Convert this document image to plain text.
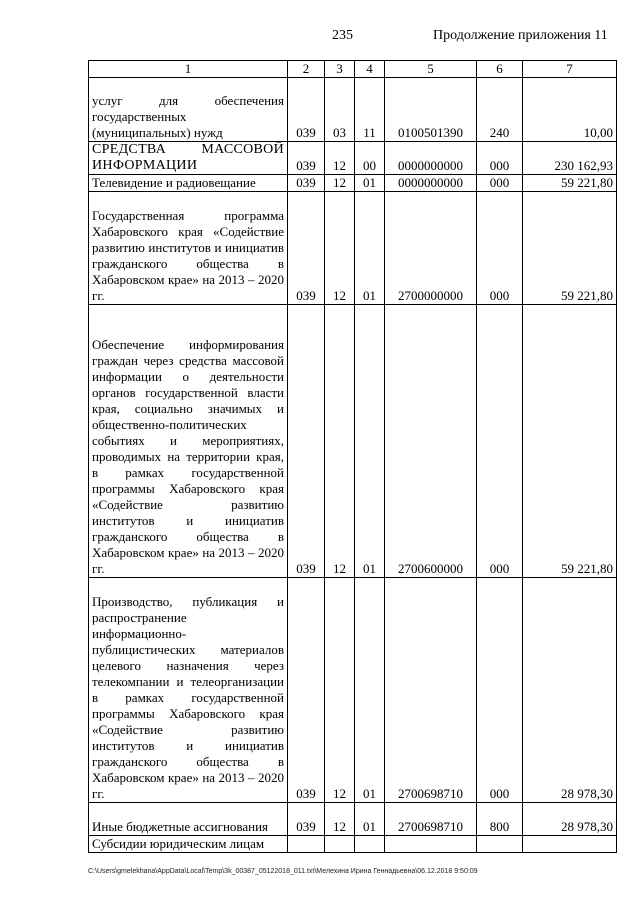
235	Продолжение приложения 11
1	2	3	4	5	6	7
услуг для обеспечения государственных (муниципальных) нужд	039	03	11	0100501390	240	10,00
СРЕДСТВА МАССОВОЙ ИНФОРМАЦИИ	039	12	00	0000000000	000	230 162,93
Телевидение и радиовещание	039	12	01	0000000000	000	59 221,80
Государственная программа Хабаровского края «Содействие развитию институтов и инициатив гражданского общества в Хабаровском крае» на 2013 – 2020 гг.	039	12	01	2700000000	000	59 221,80
Обеспечение информирования граждан через средства массовой информации о деятельности органов государственной власти края, социально значимых и общественно-политических событиях и мероприятиях, проводимых на территории края, в рамках государственной программы Хабаровского края «Содействие развитию институтов и инициатив гражданского общества в Хабаровском крае» на 2013 – 2020 гг.	039	12	01	2700600000	000	59 221,80
Производство, публикация и распространение информационно-публицистических материалов целевого назначения через телекомпании и телеорганизации в рамках государственной программы Хабаровского края «Содействие развитию институтов и инициатив гражданского общества в Хабаровском крае» на 2013 – 2020 гг.	039	12	01	2700698710	000	28 978,30
Иные бюджетные ассигнования	039	12	01	2700698710	800	28 978,30
Субсидии юридическим лицам						
C:\Users\gmelekhana\AppData\Local\Temp\3k_00387_05122018_011.txt\Мелехина Ирина Геннадьевна\06.12.2018 9:50:09
